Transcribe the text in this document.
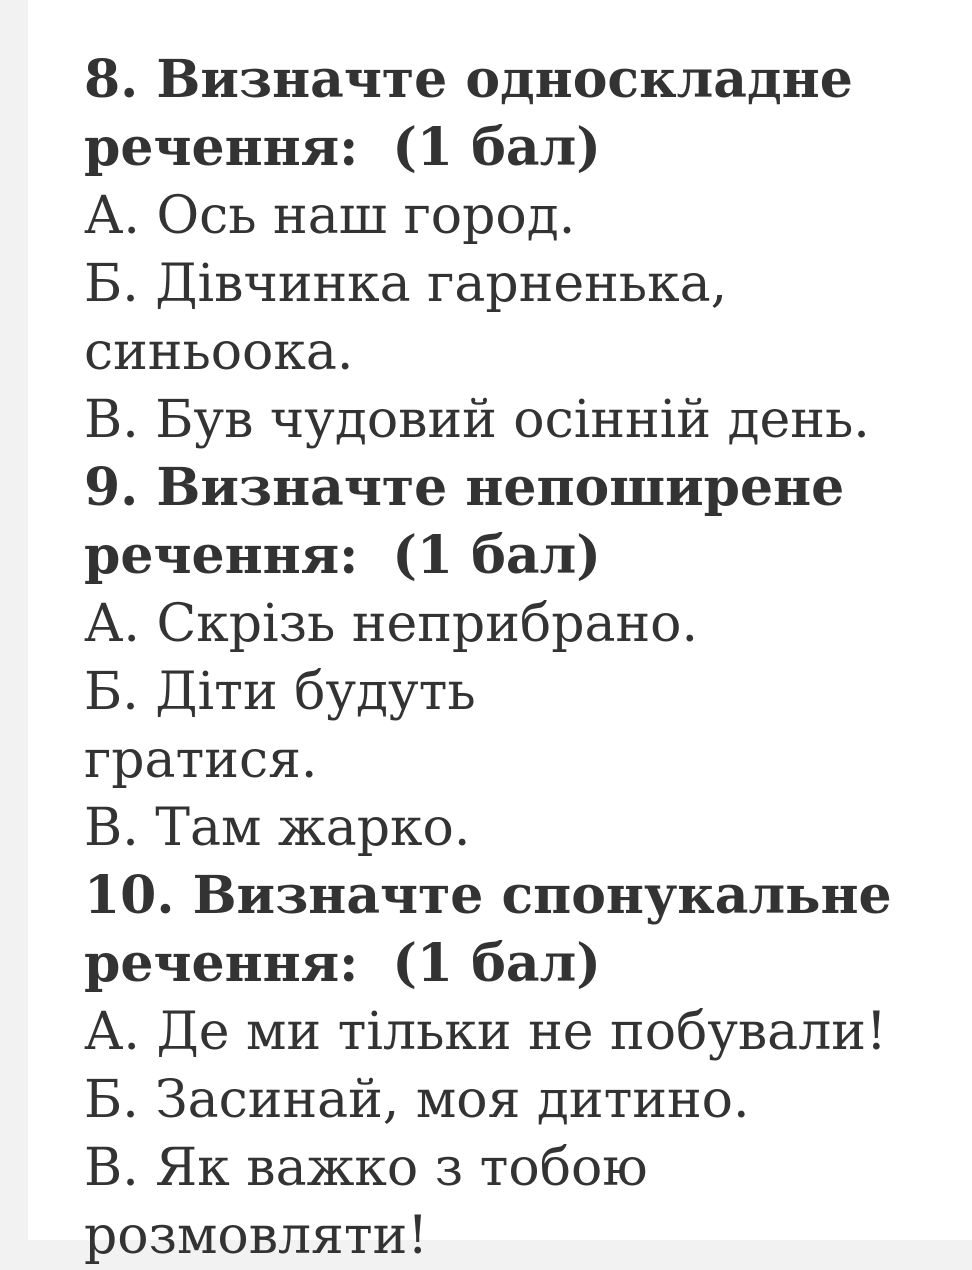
8. Визначте односкладне
речення: (1 бал)
А. Ось наш город.
Б. Дівчинка гарненька,
синьоока.
В. Був чудовий осінній день.
9. Визначте непоширене
речення: (1 бал)
А. Скрізь неприбрано.
Б. Діти будуть
гратися.
В. Там жарко.
10. Визначте спонукальне
речення: (1 бал)
А. Де ми тільки не побували!
Б. Засинай, моя дитино.
В. Як важко з тобою
розмовляти!
